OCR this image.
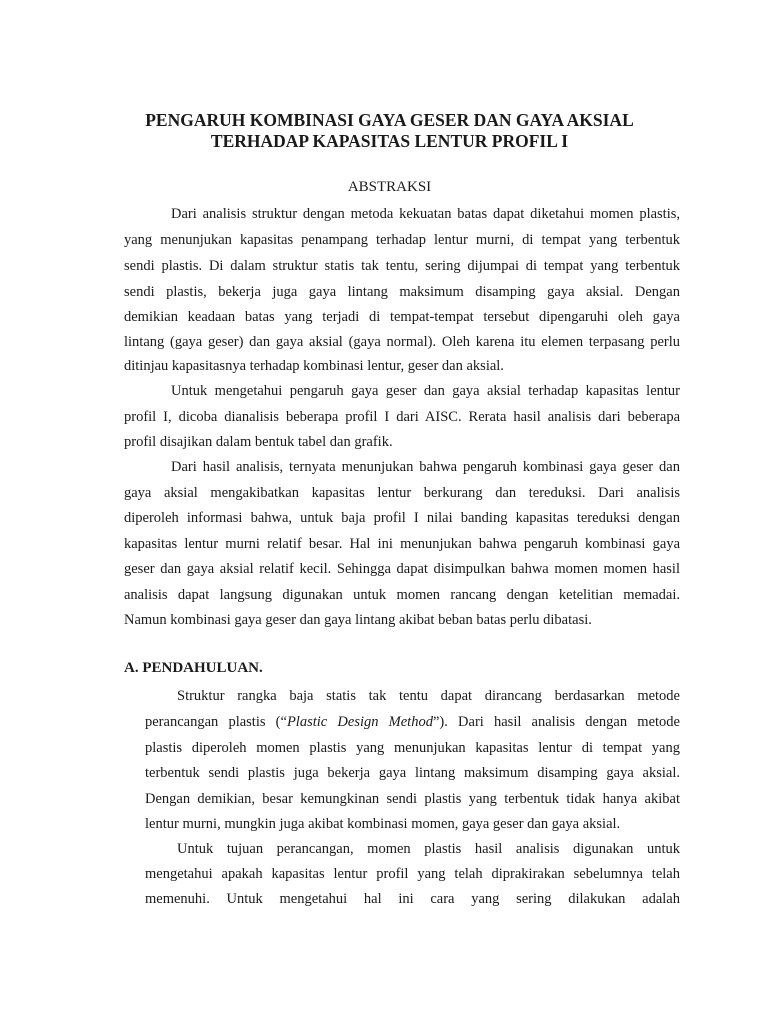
PENGARUH KOMBINASI GAYA GESER DAN GAYA AKSIAL
TERHADAP KAPASITAS LENTUR PROFIL I

ABSTRAKSI

Dari analisis struktur dengan metoda kekuatan batas dapat diketahui momen plastis,

yang menunjukan kapasitas penampang terhadap lentur murni, di tempat yang terbentuk

sendi plastis. Di dalam struktur statis tak tentu, sering dijumpai di tempat yang terbentuk

sendi plastis, bekerja juga gaya lintang maksimum disamping gaya aksial. Dengan

demikian keadaan batas yang terjadi di tempat-tempat tersebut dipengaruhi oleh gaya

lintang (gaya geser) dan gaya aksial (gaya normal). Oleh karena itu elemen terpasang perlu

ditinjau kapasitasnya terhadap kombinasi lentur, geser dan aksial.

Untuk mengetahui pengaruh gaya geser dan gaya aksial terhadap kapasitas lentur

profil I, dicoba dianalisis beberapa profil I dari AISC. Rerata hasil analisis dari beberapa

profil disajikan dalam bentuk tabel dan grafik.

Dari hasil analisis, ternyata menunjukan bahwa pengaruh kombinasi gaya geser dan

gaya aksial mengakibatkan kapasitas lentur berkurang dan tereduksi. Dari analisis

diperoleh informasi bahwa, untuk baja profil I nilai banding kapasitas tereduksi dengan

kapasitas lentur murni relatif besar. Hal ini menunjukan bahwa pengaruh kombinasi gaya

geser dan gaya aksial relatif kecil. Sehingga dapat disimpulkan bahwa momen momen hasil

analisis dapat langsung digunakan untuk momen rancang dengan ketelitian memadai.

Namun kombinasi gaya geser dan gaya lintang akibat beban batas perlu dibatasi.

A. PENDAHULUAN.

Struktur rangka baja statis tak tentu dapat dirancang berdasarkan metode

perancangan plastis (“Plastic Design Method”). Dari hasil analisis dengan metode

plastis diperoleh momen plastis yang menunjukan kapasitas lentur di tempat yang

terbentuk sendi plastis juga bekerja gaya lintang maksimum disamping gaya aksial.

Dengan demikian, besar kemungkinan sendi plastis yang terbentuk tidak hanya akibat

lentur murni, mungkin juga akibat kombinasi momen, gaya geser dan gaya aksial.

Untuk tujuan perancangan, momen plastis hasil analisis digunakan untuk

mengetahui apakah kapasitas lentur profil yang telah diprakirakan sebelumnya telah

memenuhi. Untuk mengetahui hal ini cara yang sering dilakukan adalah
